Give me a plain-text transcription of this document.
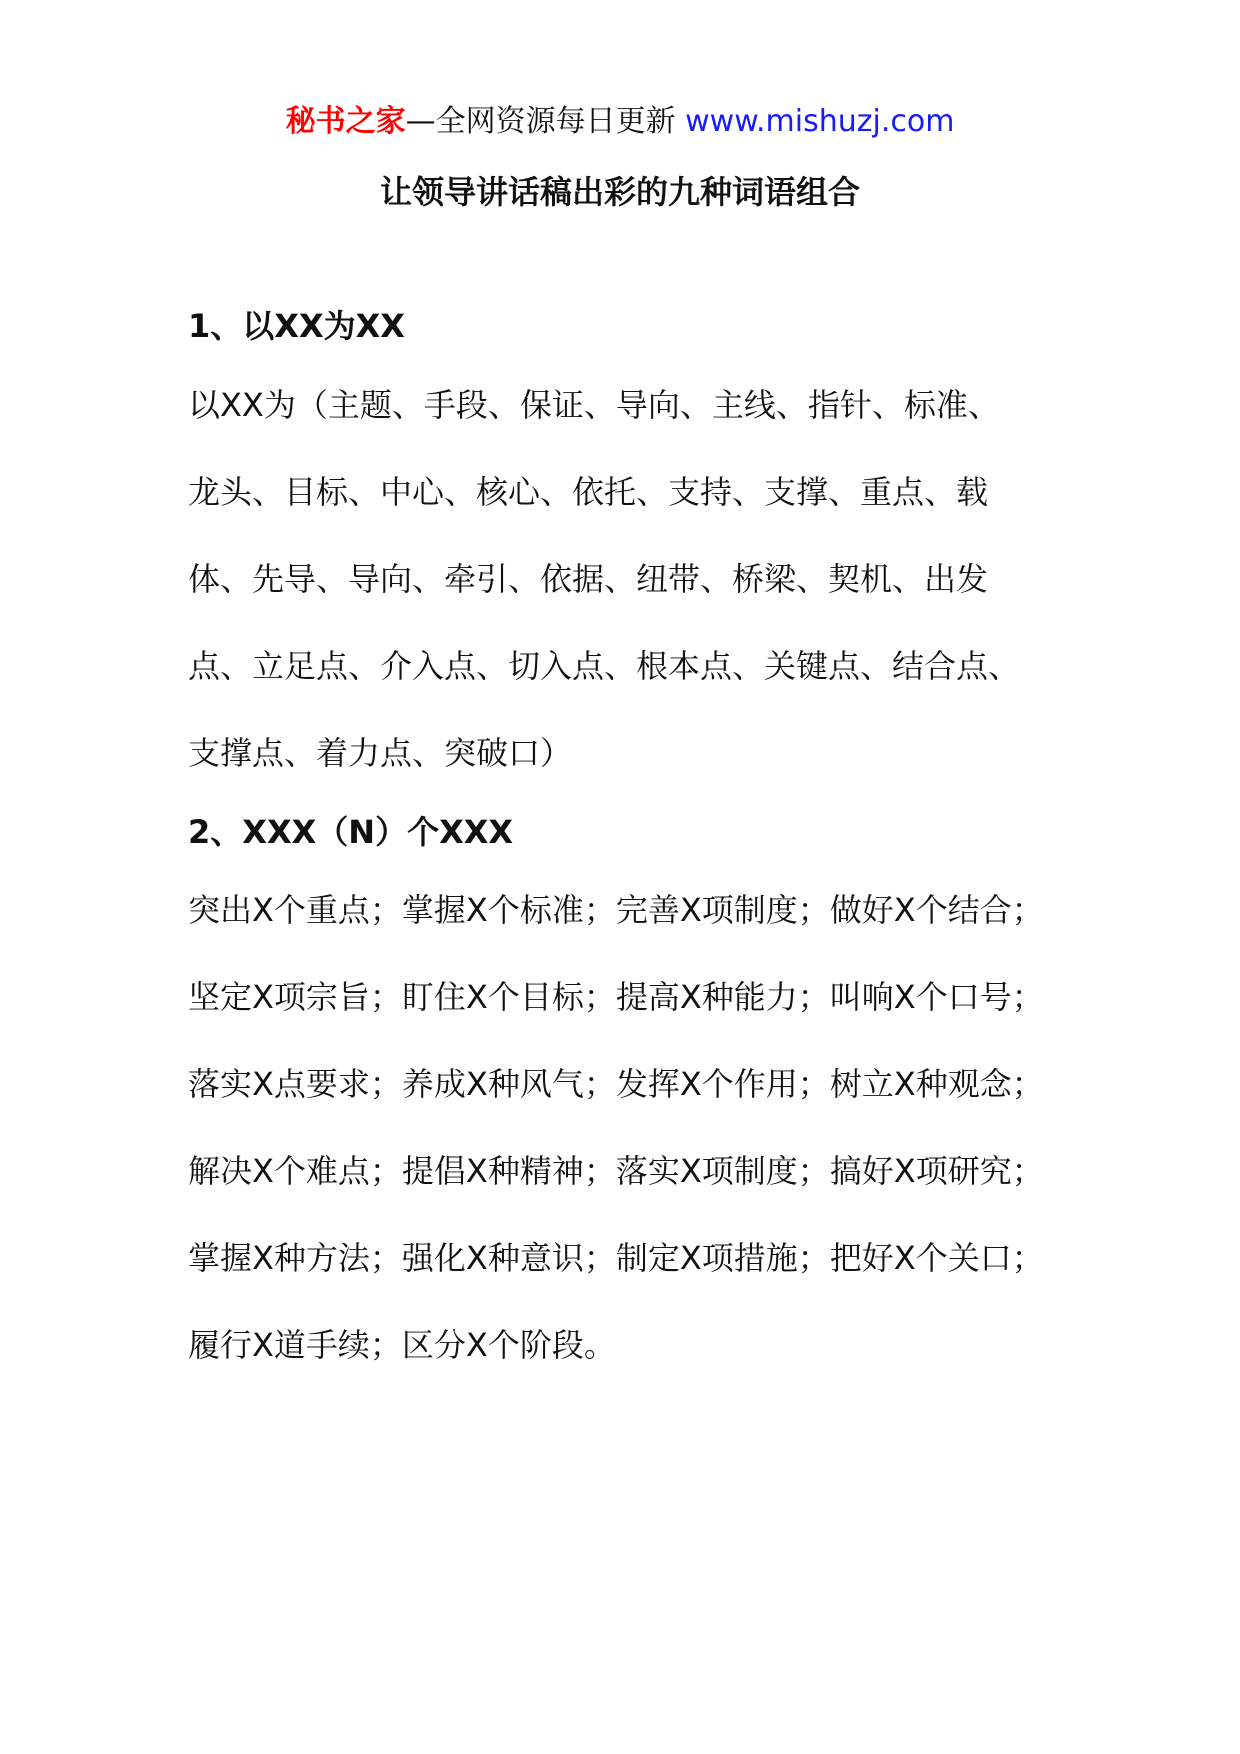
秘书之家—全网资源每日更新 www.mishuzj.com
让领导讲话稿出彩的九种词语组合
1、以XX为XX
以XX为（主题、手段、保证、导向、主线、指针、标准、
龙头、目标、中心、核心、依托、支持、支撑、重点、载
体、先导、导向、牵引、依据、纽带、桥梁、契机、出发
点、立足点、介入点、切入点、根本点、关键点、结合点、
支撑点、着力点、突破口）
2、XXX（N）个XXX
突出X个重点；掌握X个标准；完善X项制度；做好X个结合；
坚定X项宗旨；盯住X个目标；提高X种能力；叫响X个口号；
落实X点要求；养成X种风气；发挥X个作用；树立X种观念；
解决X个难点；提倡X种精神；落实X项制度；搞好X项研究；
掌握X种方法；强化X种意识；制定X项措施；把好X个关口；
履行X道手续；区分X个阶段。
